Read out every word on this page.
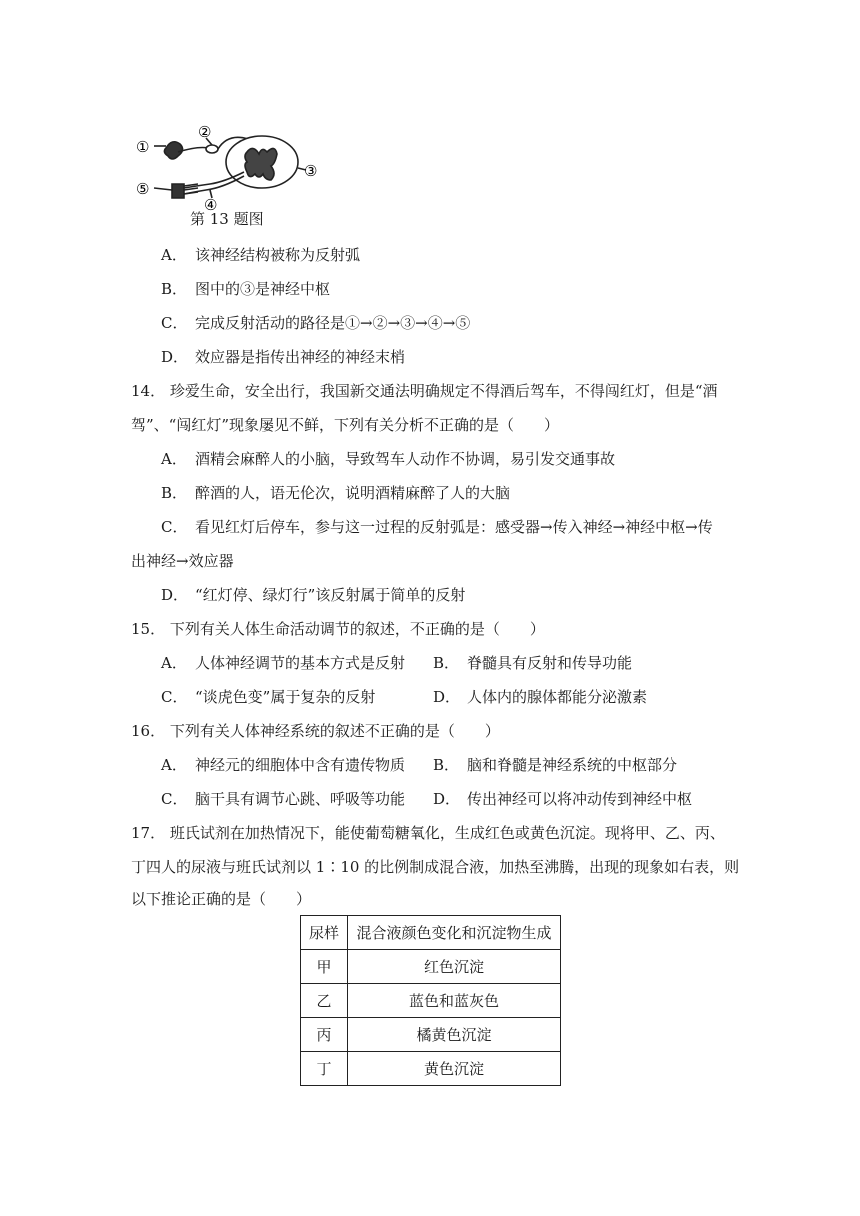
①
②
③
④
⑤
第 13 题图
A． 该神经结构被称为反射弧
B． 图中的③是神经中枢
C． 完成反射活动的路径是①→②→③→④→⑤
D． 效应器是指传出神经的神经末梢
14． 珍爱生命，安全出行，我国新交通法明确规定不得酒后驾车，不得闯红灯，但是“酒
驾”、“闯红灯”现象屡见不鲜，下列有关分析不正确的是（　　）
A． 酒精会麻醉人的小脑，导致驾车人动作不协调，易引发交通事故
B． 醉酒的人，语无伦次，说明酒精麻醉了人的大脑
C． 看见红灯后停车，参与这一过程的反射弧是：感受器→传入神经→神经中枢→传
出神经→效应器
D． “红灯停、绿灯行”该反射属于简单的反射
15． 下列有关人体生命活动调节的叙述，不正确的是（　　）
A． 人体神经调节的基本方式是反射 B． 脊髓具有反射和传导功能
C． “谈虎色变”属于复杂的反射	D． 人体内的腺体都能分泌激素
16． 下列有关人体神经系统的叙述不正确的是（　　）
A． 神经元的细胞体中含有遗传物质 B． 脑和脊髓是神经系统的中枢部分
C． 脑干具有调节心跳、呼吸等功能 D． 传出神经可以将冲动传到神经中枢
17． 班氏试剂在加热情况下，能使葡萄糖氧化，生成红色或黄色沉淀。现将甲、乙、丙、
丁四人的尿液与班氏试剂以 1∶10 的比例制成混合液，加热至沸腾，出现的现象如右表，则
以下推论正确的是（　　）
尿样	混合液颜色变化和沉淀物生成
甲	红色沉淀
乙	蓝色和蓝灰色
丙	橘黄色沉淀
丁	黄色沉淀
